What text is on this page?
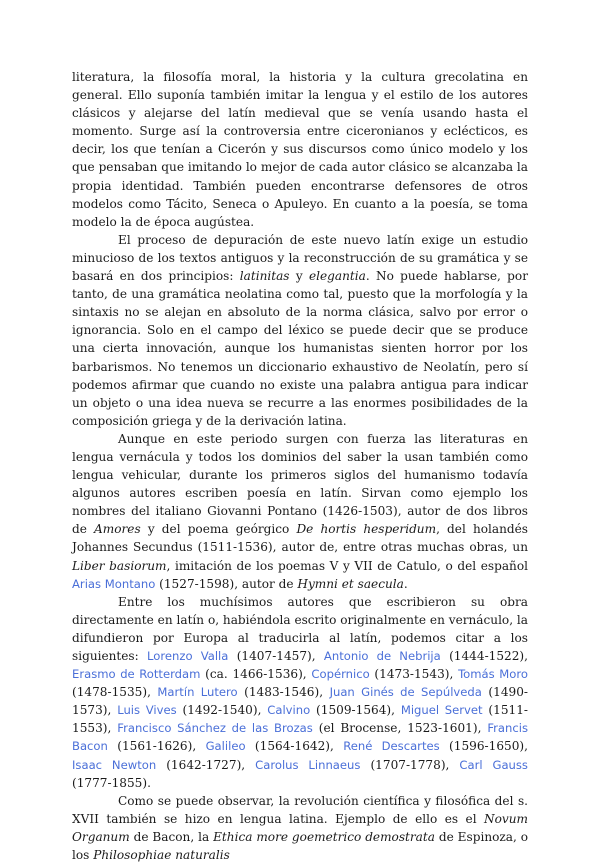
literatura, la filosofía moral, la historia y la cultura grecolatina en general. Ello suponía también imitar la lengua y el estilo de los autores clásicos y alejarse del latín medieval que se venía usando hasta el momento. Surge así la controversia entre ciceronianos y eclécticos, es decir, los que tenían a Cicerón y sus discursos como único modelo y los que pensaban que imitando lo mejor de cada autor clásico se alcanzaba la propia identidad. También pueden encontrarse defensores de otros modelos como Tácito, Seneca o Apuleyo. En cuanto a la poesía, se toma modelo la de época augústea.

El proceso de depuración de este nuevo latín exige un estudio minucioso de los textos antiguos y la reconstrucción de su gramática y se basará en dos principios: latinitas y elegantia. No puede hablarse, por tanto, de una gramática neolatina como tal, puesto que la morfología y la sintaxis no se alejan en absoluto de la norma clásica, salvo por error o ignorancia. Solo en el campo del léxico se puede decir que se produce una cierta innovación, aunque los humanistas sienten horror por los barbarismos. No tenemos un diccionario exhaustivo de Neolatín, pero sí podemos afirmar que cuando no existe una palabra antigua para indicar un objeto o una idea nueva se recurre a las enormes posibilidades de la composición griega y de la derivación latina.

Aunque en este periodo surgen con fuerza las literaturas en lengua vernácula y todos los dominios del saber la usan también como lengua vehicular, durante los primeros siglos del humanismo todavía algunos autores escriben poesía en latín. Sirvan como ejemplo los nombres del italiano Giovanni Pontano (1426-1503), autor de dos libros de Amores y del poema geórgico De hortis hesperidum, del holandés Johannes Secundus (1511-1536), autor de, entre otras muchas obras, un Liber basiorum, imitación de los poemas V y VII de Catulo, o del español Arias Montano (1527-1598), autor de Hymni et saecula.

Entre los muchísimos autores que escribieron su obra directamente en latín o, habiéndola escrito originalmente en vernáculo, la difundieron por Europa al traducirla al latín, podemos citar a los siguientes: Lorenzo Valla (1407-1457), Antonio de Nebrija (1444-1522), Erasmo de Rotterdam (ca. 1466-1536), Copérnico (1473-1543), Tomás Moro (1478-1535), Martín Lutero (1483-1546), Juan Ginés de Sepúlveda (1490-1573), Luis Vives (1492-1540), Calvino (1509-1564), Miguel Servet (1511-1553), Francisco Sánchez de las Brozas (el Brocense, 1523-1601), Francis Bacon (1561-1626), Galileo (1564-1642), René Descartes (1596-1650), Isaac Newton (1642-1727), Carolus Linnaeus (1707-1778), Carl Gauss (1777-1855).

Como se puede observar, la revolución científica y filosófica del s. XVII también se hizo en lengua latina. Ejemplo de ello es el Novum Organum de Bacon, la Ethica more goemetrico demostrata de Espinoza, o los Philosophiae naturalis
